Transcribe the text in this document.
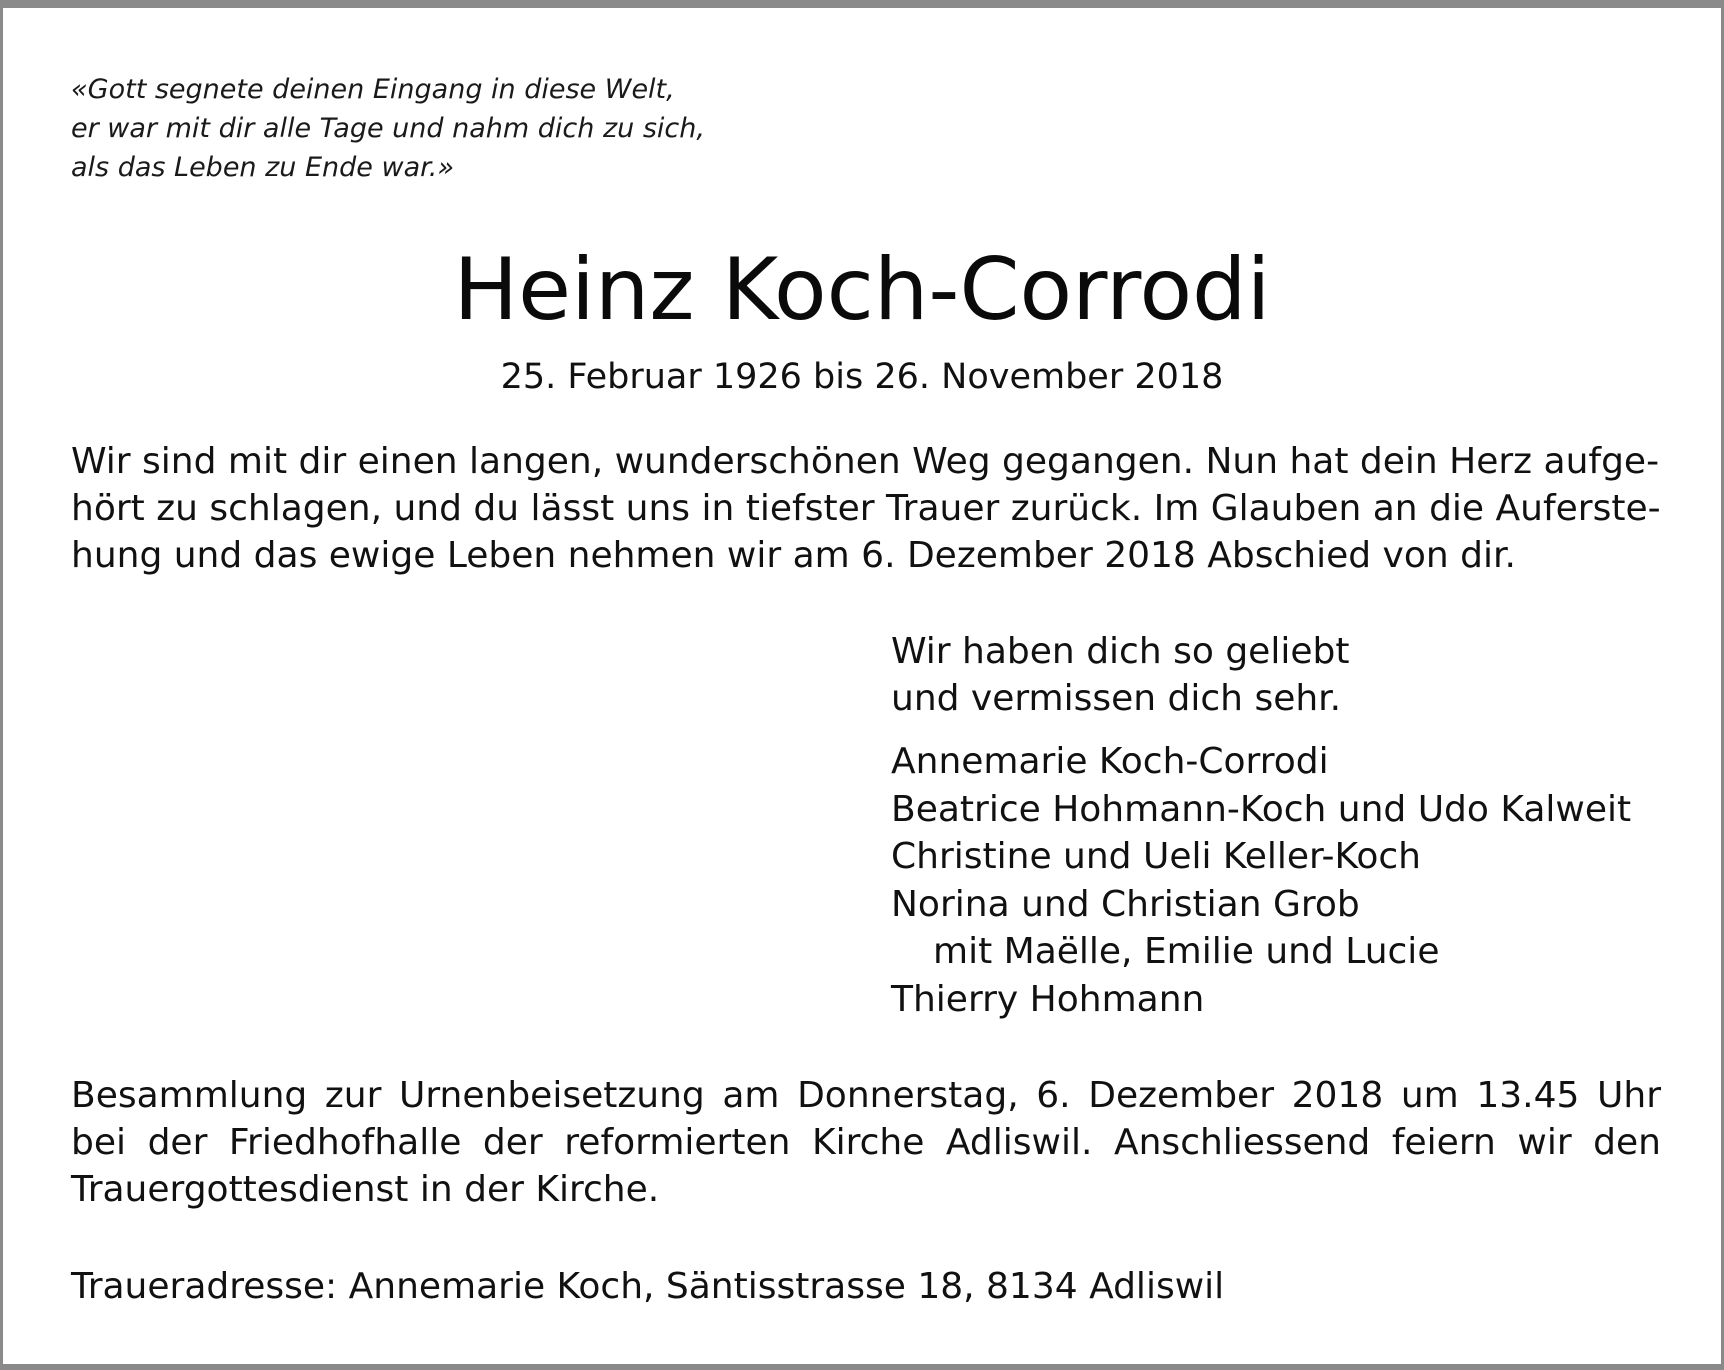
«Gott segnete deinen Eingang in diese Welt,
er war mit dir alle Tage und nahm dich zu sich,
als das Leben zu Ende war.»
Heinz Koch-Corrodi
25. Februar 1926 bis 26. November 2018
Wir sind mit dir einen langen, wunderschönen Weg gegangen. Nun hat dein Herz aufge-
hört zu schlagen, und du lässt uns in tiefster Trauer zurück. Im Glauben an die Auferste-
hung und das ewige Leben nehmen wir am 6. Dezember 2018 Abschied von dir.
Wir haben dich so geliebt
und vermissen dich sehr.
Annemarie Koch-Corrodi
Beatrice Hohmann-Koch und Udo Kalweit
Christine und Ueli Keller-Koch
Norina und Christian Grob
mit Maëlle, Emilie und Lucie
Thierry Hohmann
Besammlung zur Urnenbeisetzung am Donnerstag, 6. Dezember 2018 um 13.45 Uhr
bei der Friedhofhalle der reformierten Kirche Adliswil. Anschliessend feiern wir den
Trauergottesdienst in der Kirche.
Traueradresse: Annemarie Koch, Säntisstrasse 18, 8134 Adliswil
